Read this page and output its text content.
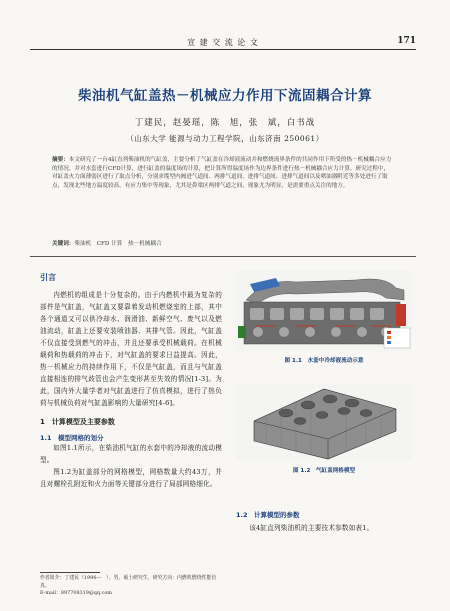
宣 建 交 流 论 文	171
柴油机气缸盖热－机械应力作用下流固耦合计算
丁建民，赵晏瑶，陈　旭，张　斌，白书战
（山东大学 能源与动力工程学院，山东济南 250061）
摘要：本文研究了一台4缸直列柴油机的气缸盖，主要分析了气缸盖在冷却液流动并和燃烧流界条件的共同作用下所受的热－机械耦合应力的情况。并对水套进行CFD计算，进行缸盖的温度场的计算，把计算所得温度场作为边界条件进行热－机械耦合应力计算。研究过程中，对缸盖火力面薄弱区进行了取点分析，分别求缆型内阀进气道间、两排气道间、进排气道间、进排气道间以及喷油器附近等多处进行了取点，发现北些地方温度较高，有应力集中等现象，尤其是鼻梁区两排气道之间，现象尤为明显，是需要重点关注的地方。
关键词：柴油机　CFD 计算　热－机械耦合
引言

内燃机的组成是十分复杂的。由于内燃机中最为复杂的部件是气缸盖，气缸盖又要靠着发动机燃烧室的上部，其中各个通道又可以供冷却水、润滑油、新鲜空气、废气以及燃油流动，缸盖上还要安装喷油器、其排气管。因此，气缸盖不仅直接受到燃气的冲击，并且还要承受机械载荷。在机械载荷和热载荷的冲击下，对气缸盖的要求日益提高。因此，热－机械应力的持续作用下，不仅是气缸盖，而且与气缸盖直接相连的排气歧管也会产生变形甚至失效的情况[1-3]。为此，国内外大量学者对气缸盖进行了仿真模拟，进行了热负荷与机械负荷对气缸盖影响的大量研究[4-6]。

1　计算模型及主要参数
1.1　模型网格的划分

如图1.1所示，在柴油机气缸的水套中的冷却液的流动模型。

图1.2为缸盖部分的网格模型，网格数量大约43万，并且对螺栓孔附近和火力面等关键部分进行了局部网格细化。

图 1.1　水套中冷却液流动示意
图 1.2　气缸盖网格模型
1.2　计算模型的参数

该4缸直列柴油机的主要技术参数如表1。

作者简介：丁建民（1996—　），男，硕士研究生，研究方向：内燃机燃烧性能仿真。
E-mail：897708319@qq.com
